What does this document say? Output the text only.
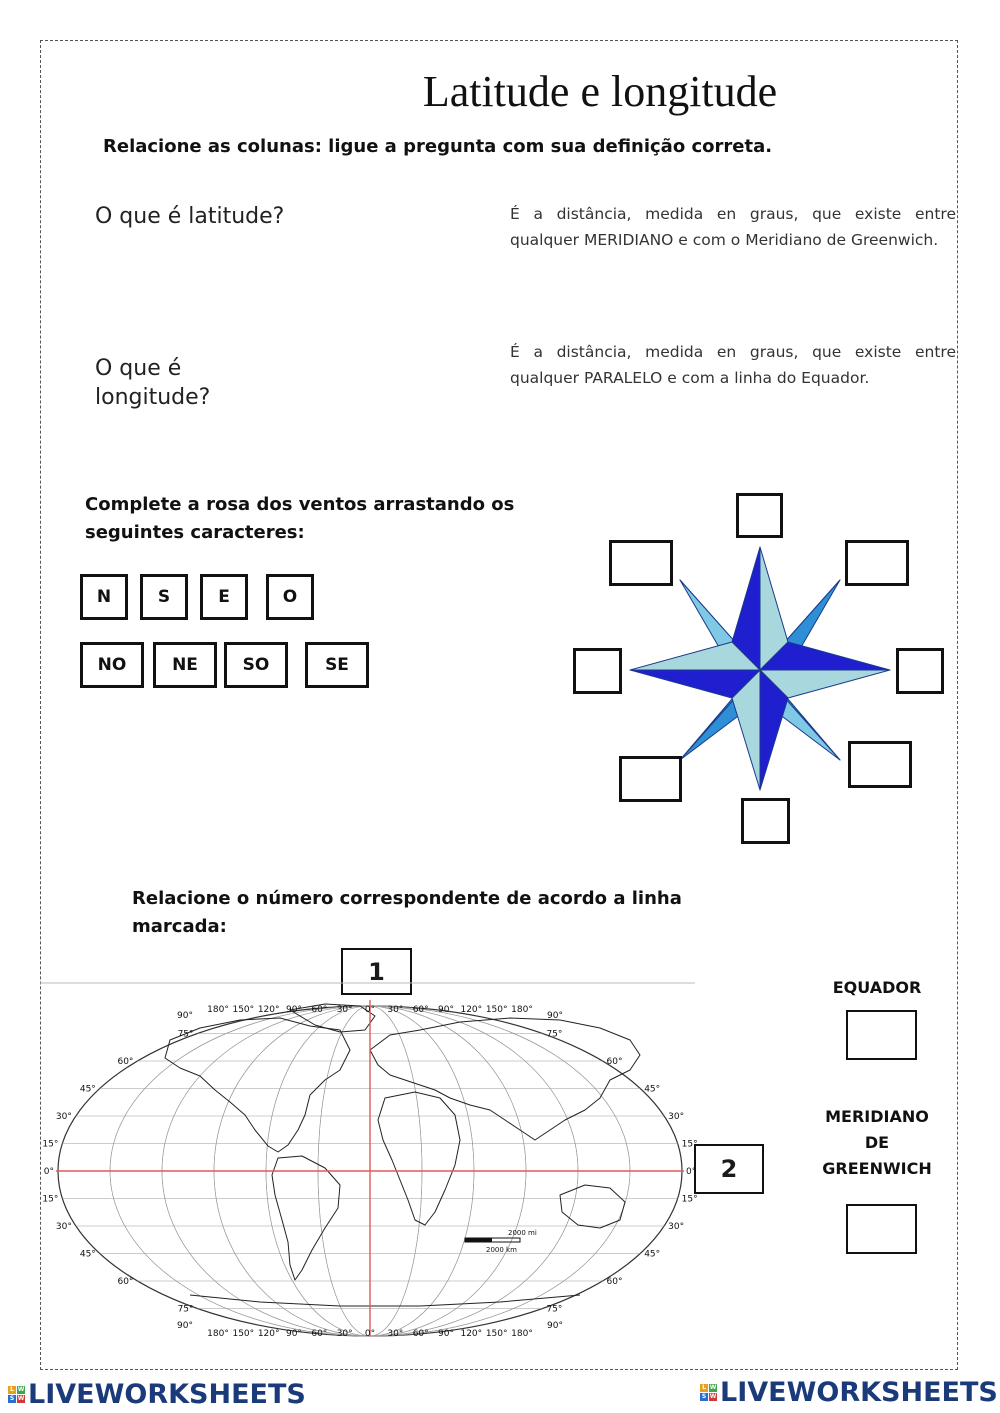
Latitude e longitude
Relacione as colunas: ligue a pregunta com sua definição correta.
O que é latitude?
O que é longitude?
É a distância, medida en graus, que existe entre qualquer MERIDIANO e com o Meridiano de Greenwich.
É a distância, medida en graus, que existe entre qualquer PARALELO e com a linha do Equador.
Complete a rosa dos ventos arrastando os seguintes caracteres:
N	S	E	O
NO	NE	SO	SE
Relacione o número correspondente de acordo a linha marcada:
1
2
2000 mi
2000 km
90°
180° 150° 120° 90° 60° 30° 0° 30° 60° 90° 120° 150° 180°
90°
90°
180° 150° 120° 90° 60° 30° 0° 30° 60° 90° 120° 150° 180°
90°
75°	75°
60°	60°
45°	45°
30°	30°
15°	15°
0°	0°
15°	15°
30°	30°
45°	45°
60°	60°
75°	75°
EQUADOR
MERIDIANO
DE
GREENWICH
L W
S W LIVEWORKSHEETS	L W
S W LIVEWORKSHEETS
